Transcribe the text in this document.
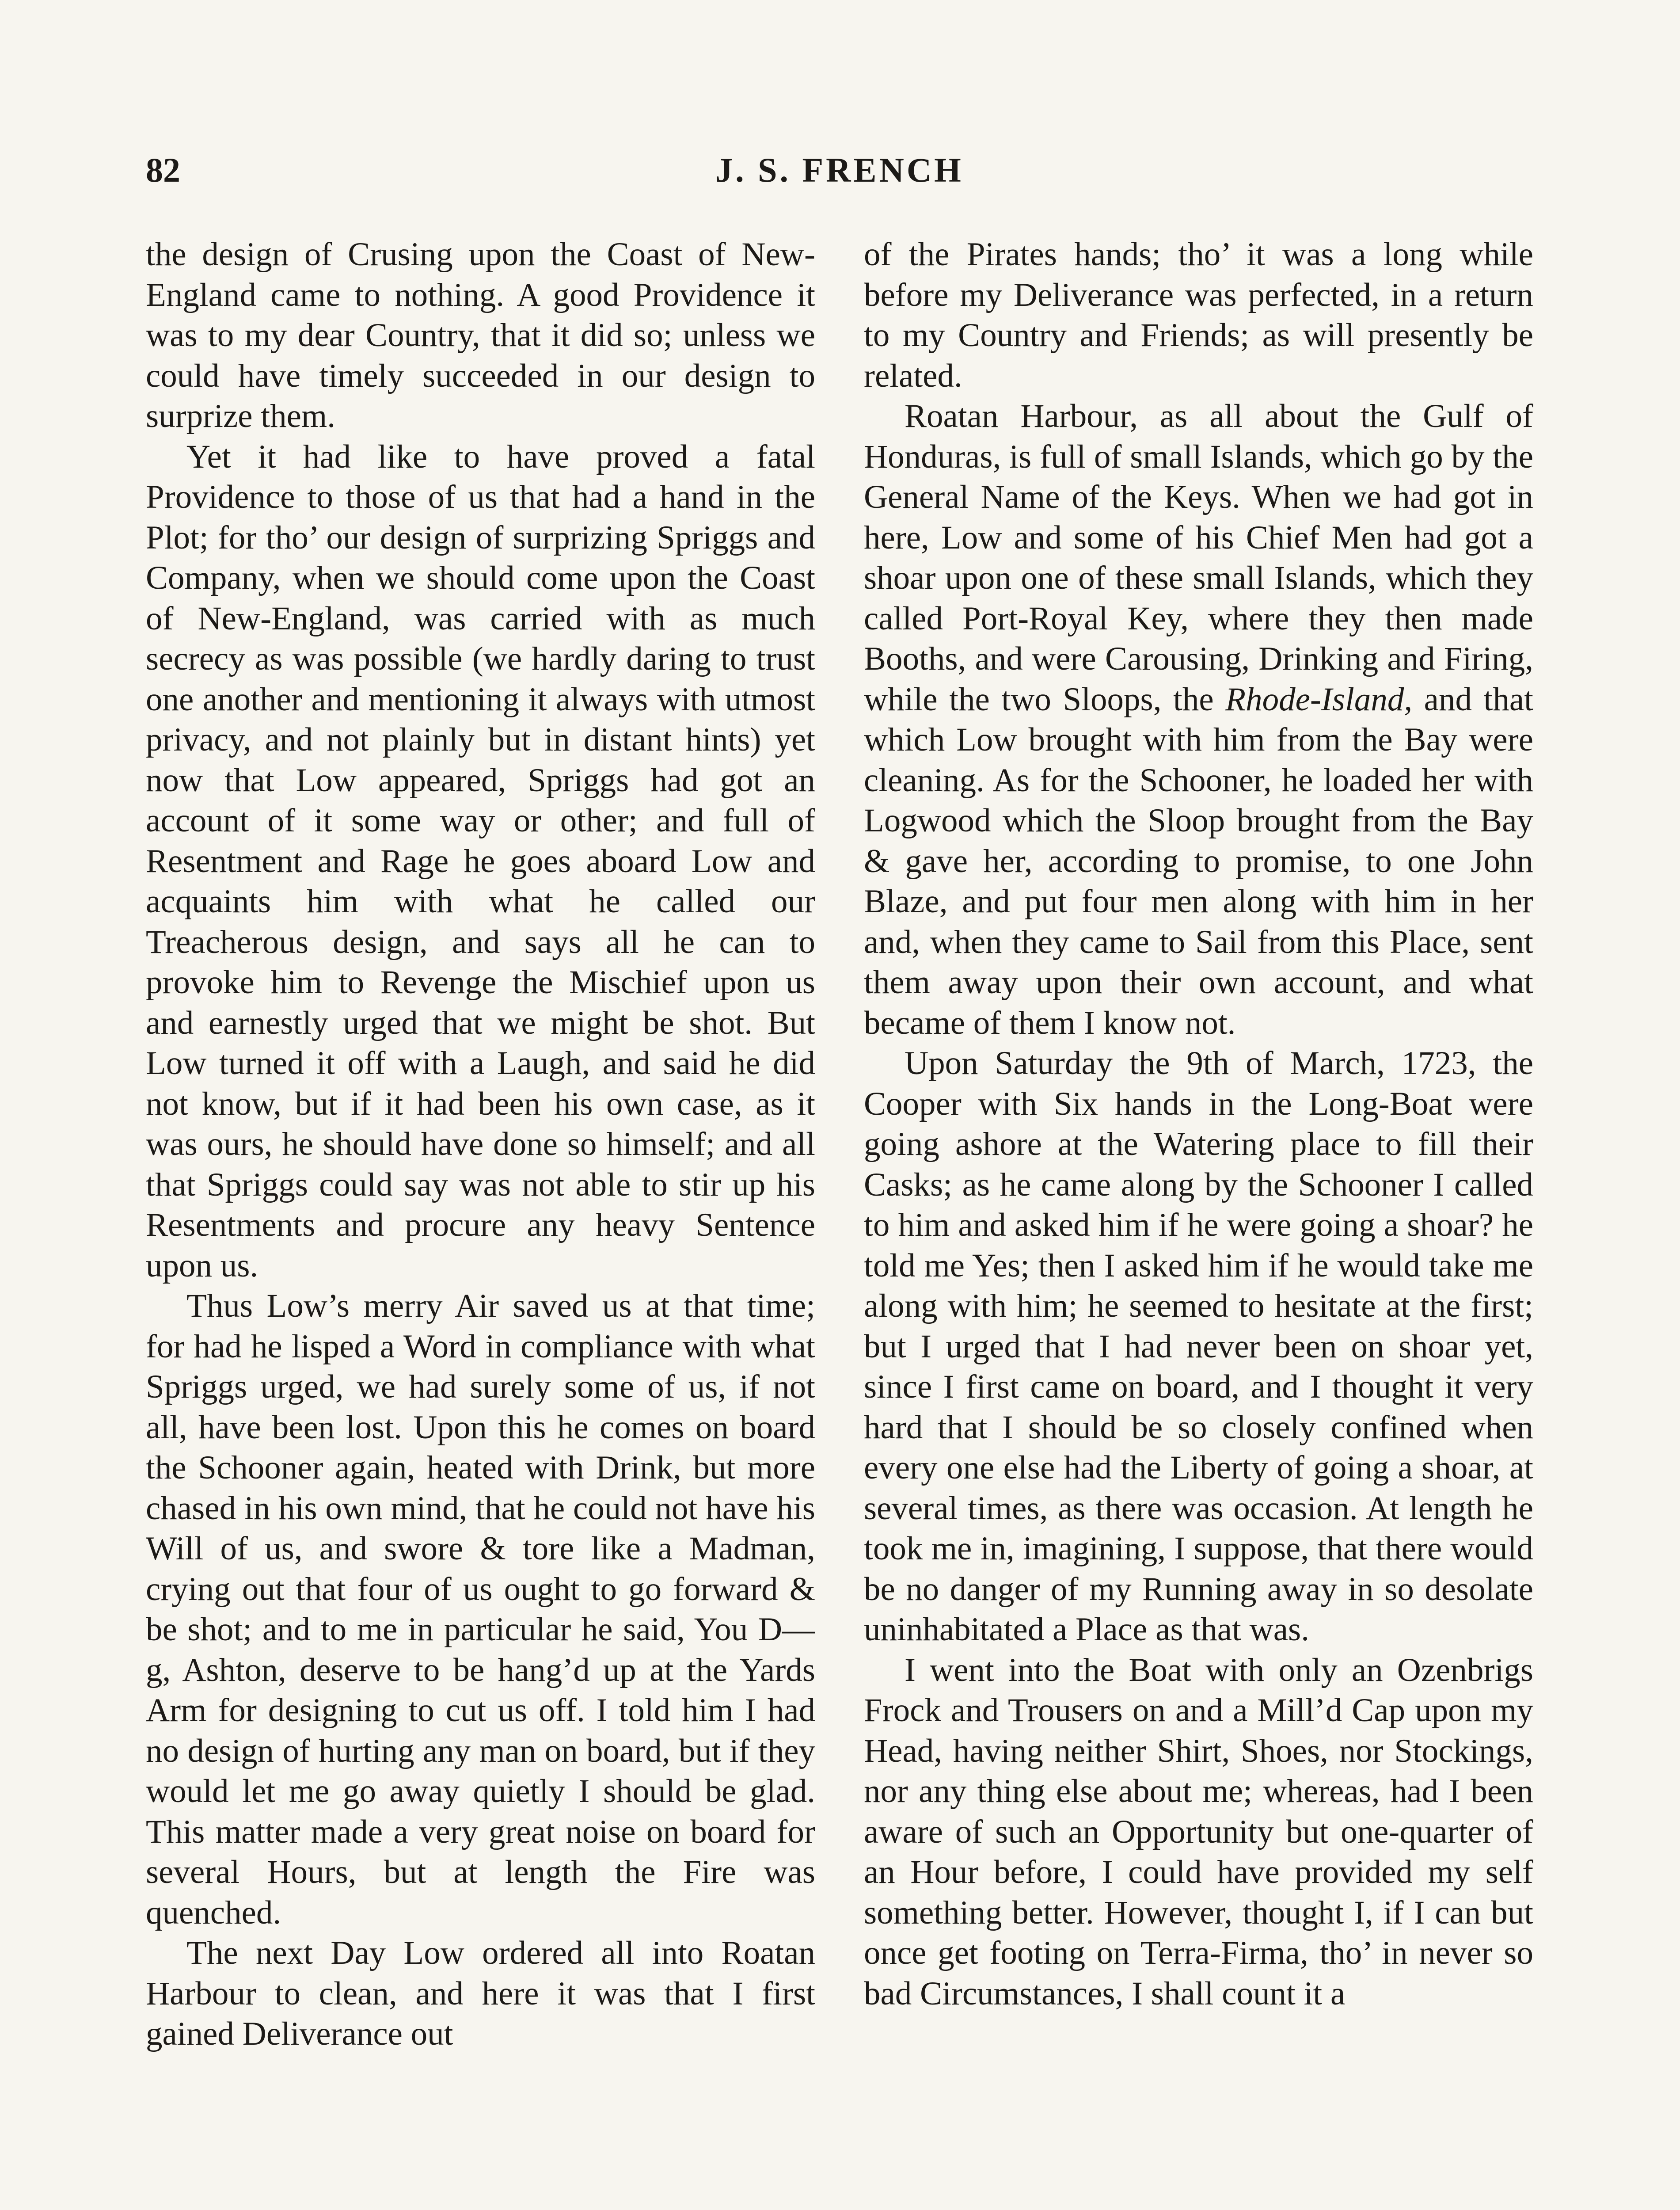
82	J. S. FRENCH

the design of Crusing upon the Coast of New-England came to nothing. A good Providence it was to my dear Country, that it did so; unless we could have timely succeeded in our design to surprize them.

Yet it had like to have proved a fatal Providence to those of us that had a hand in the Plot; for tho’ our design of surprizing Spriggs and Company, when we should come upon the Coast of New-England, was carried with as much secrecy as was possible (we hardly daring to trust one another and mentioning it always with utmost privacy, and not plainly but in distant hints) yet now that Low appeared, Spriggs had got an account of it some way or other; and full of Resentment and Rage he goes aboard Low and acquaints him with what he called our Treacherous design, and says all he can to provoke him to Revenge the Mischief upon us and earnestly urged that we might be shot. But Low turned it off with a Laugh, and said he did not know, but if it had been his own case, as it was ours, he should have done so himself; and all that Spriggs could say was not able to stir up his Resentments and procure any heavy Sentence upon us.

Thus Low’s merry Air saved us at that time; for had he lisped a Word in compliance with what Spriggs urged, we had surely some of us, if not all, have been lost. Upon this he comes on board the Schooner again, heated with Drink, but more chased in his own mind, that he could not have his Will of us, and swore & tore like a Madman, crying out that four of us ought to go forward & be shot; and to me in particular he said, You D—g, Ashton, deserve to be hang’d up at the Yards Arm for designing to cut us off. I told him I had no design of hurting any man on board, but if they would let me go away quietly I should be glad. This matter made a very great noise on board for several Hours, but at length the Fire was quenched.

The next Day Low ordered all into Roatan Harbour to clean, and here it was that I first gained Deliverance out

of the Pirates hands; tho’ it was a long while before my Deliverance was perfected, in a return to my Country and Friends; as will presently be related.

Roatan Harbour, as all about the Gulf of Honduras, is full of small Islands, which go by the General Name of the Keys. When we had got in here, Low and some of his Chief Men had got a shoar upon one of these small Islands, which they called Port-Royal Key, where they then made Booths, and were Carousing, Drinking and Firing, while the two Sloops, the Rhode-Island, and that which Low brought with him from the Bay were cleaning. As for the Schooner, he loaded her with Logwood which the Sloop brought from the Bay & gave her, according to promise, to one John Blaze, and put four men along with him in her and, when they came to Sail from this Place, sent them away upon their own account, and what became of them I know not.

Upon Saturday the 9th of March, 1723, the Cooper with Six hands in the Long-Boat were going ashore at the Watering place to fill their Casks; as he came along by the Schooner I called to him and asked him if he were going a shoar? he told me Yes; then I asked him if he would take me along with him; he seemed to hesitate at the first; but I urged that I had never been on shoar yet, since I first came on board, and I thought it very hard that I should be so closely confined when every one else had the Liberty of going a shoar, at several times, as there was occasion. At length he took me in, imagining, I suppose, that there would be no danger of my Running away in so desolate uninhabitated a Place as that was.

I went into the Boat with only an Ozenbrigs Frock and Trousers on and a Mill’d Cap upon my Head, having neither Shirt, Shoes, nor Stockings, nor any thing else about me; whereas, had I been aware of such an Opportunity but one-quarter of an Hour before, I could have provided my self something better. However, thought I, if I can but once get footing on Terra-Firma, tho’ in never so bad Circumstances, I shall count it a
